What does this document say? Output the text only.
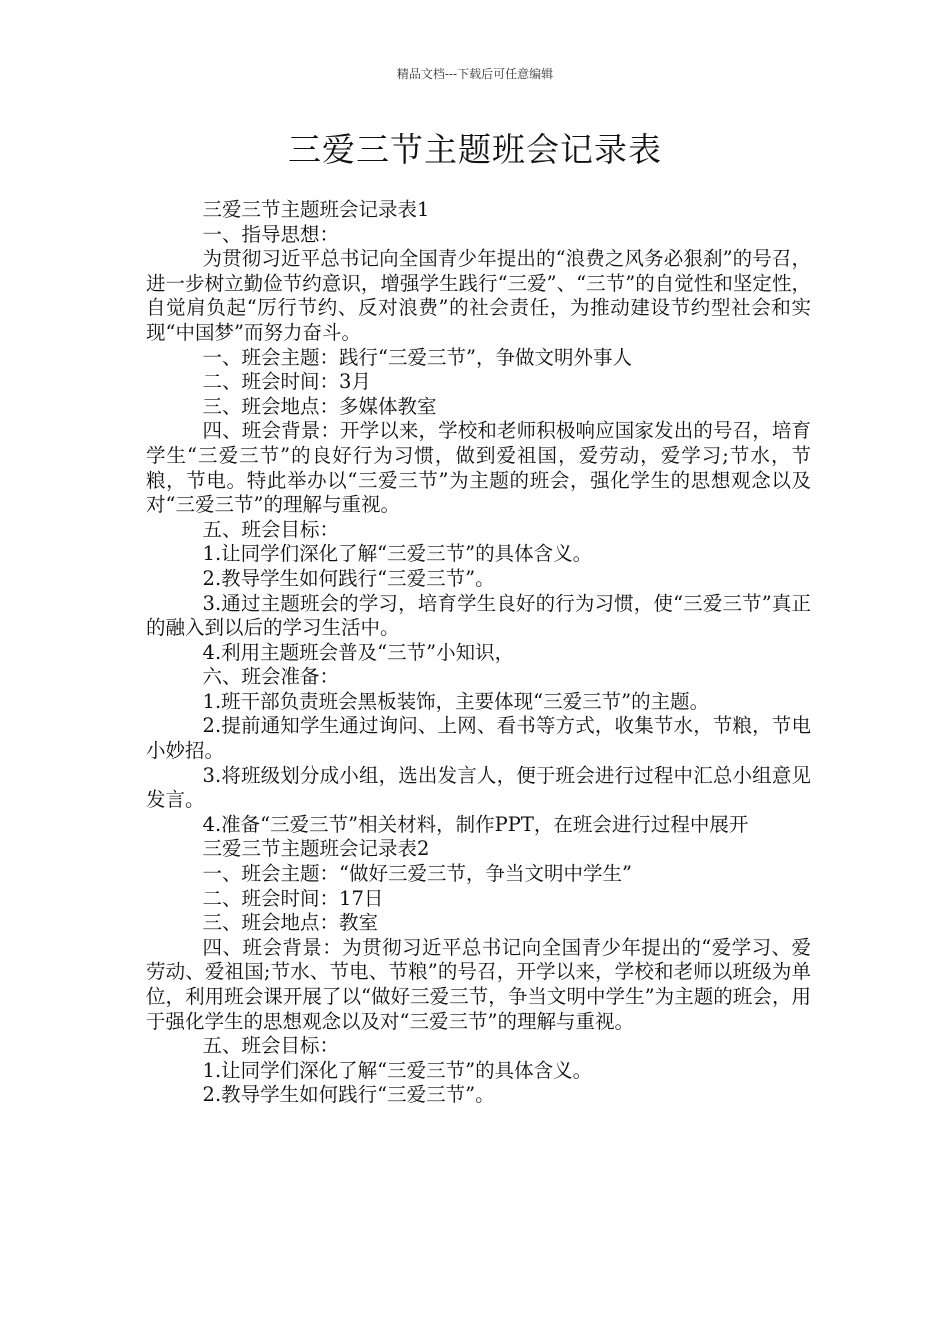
精品文档---下载后可任意编辑
三爱三节主题班会记录表

三爱三节主题班会记录表1

一、指导思想：

为贯彻习近平总书记向全国青少年提出的“浪费之风务必狠刹”的号召，进一步树立勤俭节约意识，增强学生践行“三爱”、“三节”的自觉性和坚定性，自觉肩负起“厉行节约、反对浪费”的社会责任，为推动建设节约型社会和实现“中国梦”而努力奋斗。

一、班会主题：践行“三爱三节”，争做文明外事人

二、班会时间：3月

三、班会地点：多媒体教室

四、班会背景：开学以来，学校和老师积极响应国家发出的号召，培育学生“三爱三节”的良好行为习惯，做到爱祖国，爱劳动，爱学习;节水，节粮，节电。特此举办以“三爱三节”为主题的班会，强化学生的思想观念以及对“三爱三节”的理解与重视。

五、班会目标：

1.让同学们深化了解“三爱三节”的具体含义。

2.教导学生如何践行“三爱三节”。

3.通过主题班会的学习，培育学生良好的行为习惯，使“三爱三节”真正的融入到以后的学习生活中。

4.利用主题班会普及“三节”小知识，

六、班会准备：

1.班干部负责班会黑板装饰，主要体现“三爱三节”的主题。

2.提前通知学生通过询问、上网、看书等方式，收集节水，节粮，节电小妙招。

3.将班级划分成小组，选出发言人，便于班会进行过程中汇总小组意见发言。

4.准备“三爱三节”相关材料，制作PPT，在班会进行过程中展开

三爱三节主题班会记录表2

一、班会主题：“做好三爱三节，争当文明中学生”

二、班会时间：17日

三、班会地点：教室

四、班会背景：为贯彻习近平总书记向全国青少年提出的“爱学习、爱劳动、爱祖国;节水、节电、节粮”的号召，开学以来，学校和老师以班级为单位，利用班会课开展了以“做好三爱三节，争当文明中学生”为主题的班会，用于强化学生的思想观念以及对“三爱三节”的理解与重视。

五、班会目标：

1.让同学们深化了解“三爱三节”的具体含义。

2.教导学生如何践行“三爱三节”。
